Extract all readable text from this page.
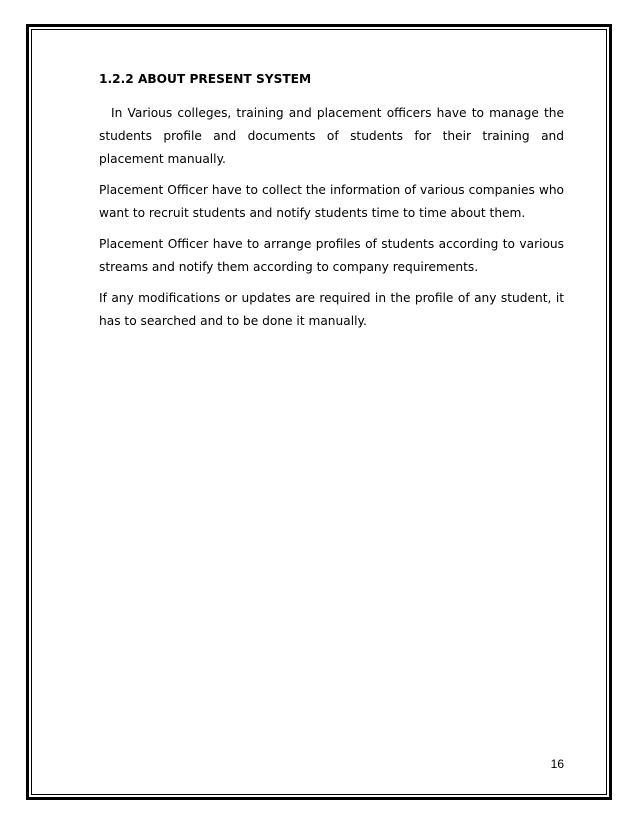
1.2.2 ABOUT PRESENT SYSTEM

In Various colleges, training and placement officers have to manage the students profile and documents of students for their training and placement manually.

Placement Officer have to collect the information of various companies who want to recruit students and notify students time to time about them.

Placement Officer have to arrange profiles of students according to various streams and notify them according to company requirements.

If any modifications or updates are required in the profile of any student, it has to searched and to be done it manually.

16
